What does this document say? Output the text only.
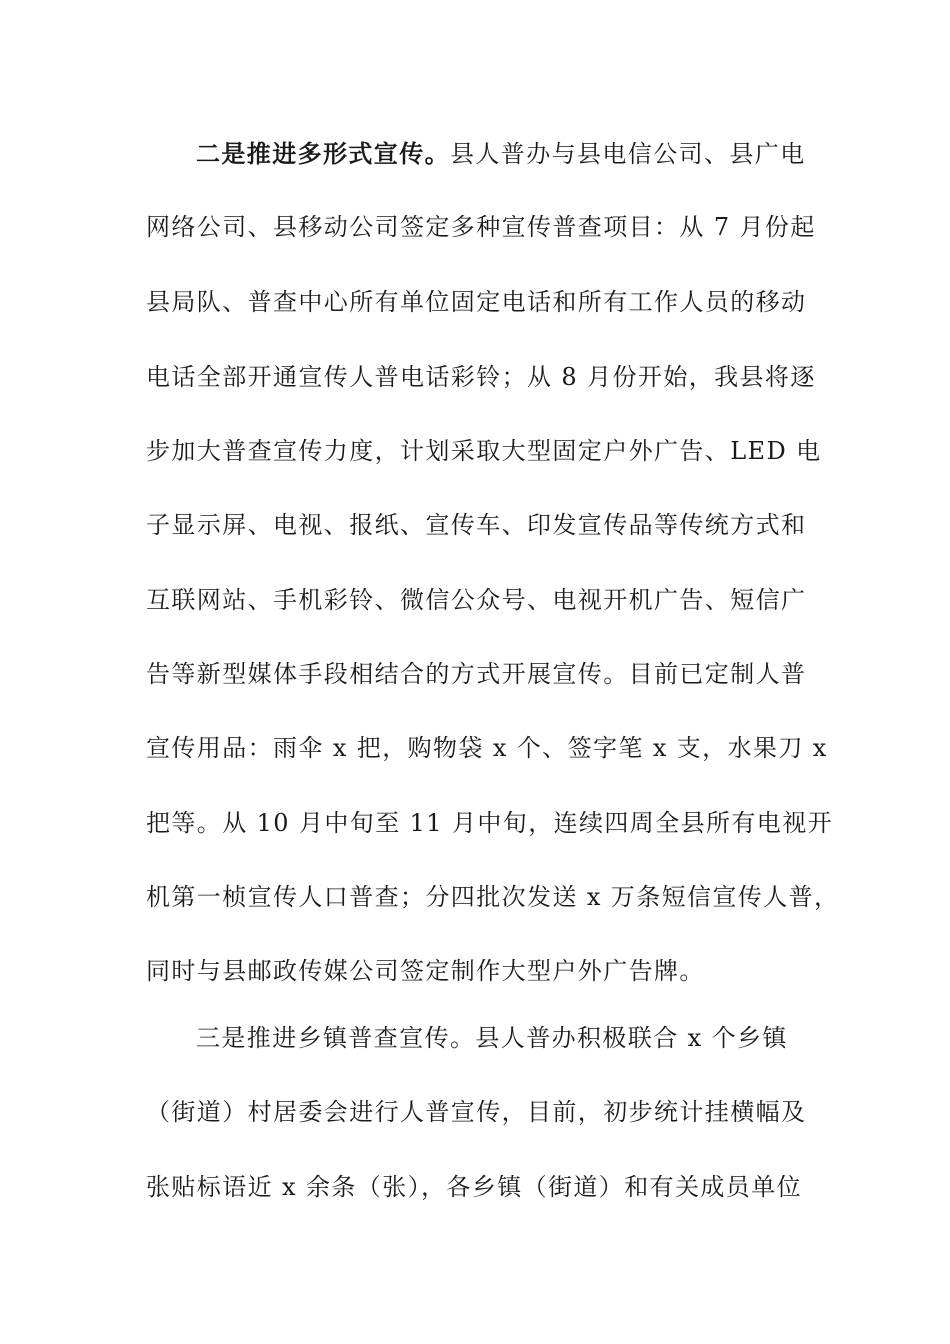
二是推进多形式宣传。县人普办与县电信公司、县广电
网络公司、县移动公司签定多种宣传普查项目：从 7 月份起
县局队、普查中心所有单位固定电话和所有工作人员的移动
电话全部开通宣传人普电话彩铃；从 8 月份开始，我县将逐
步加大普查宣传力度，计划采取大型固定户外广告、LED 电
子显示屏、电视、报纸、宣传车、印发宣传品等传统方式和
互联网站、手机彩铃、微信公众号、电视开机广告、短信广
告等新型媒体手段相结合的方式开展宣传。目前已定制人普
宣传用品：雨伞 x 把，购物袋 x 个、签字笔 x 支，水果刀 x
把等。从 10 月中旬至 11 月中旬，连续四周全县所有电视开
机第一桢宣传人口普查；分四批次发送 x 万条短信宣传人普，
同时与县邮政传媒公司签定制作大型户外广告牌。
三是推进乡镇普查宣传。县人普办积极联合 x 个乡镇
（街道）村居委会进行人普宣传，目前，初步统计挂横幅及
张贴标语近 x 余条（张），各乡镇（街道）和有关成员单位
